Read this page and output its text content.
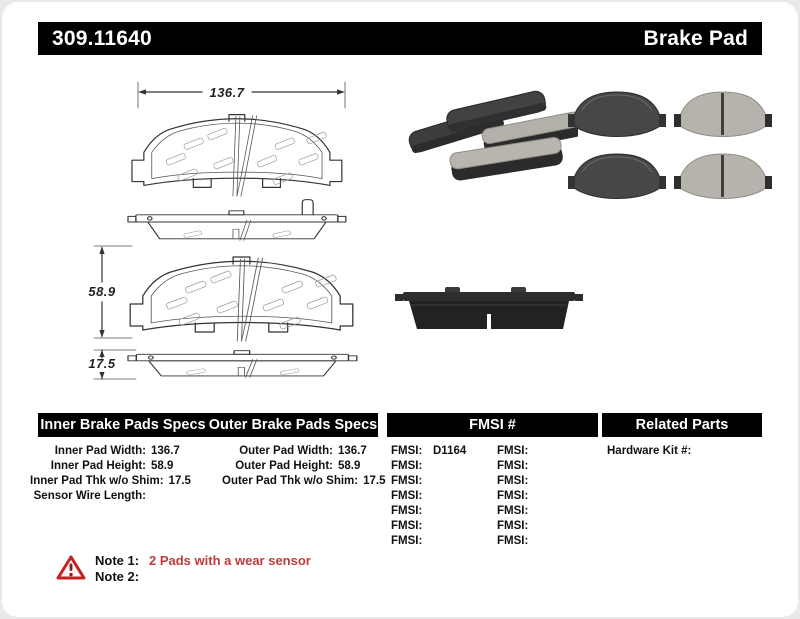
309.11640	Brake Pad
136.7
58.9
17.5
Inner Brake Pads Specs Outer Brake Pads Specs	FMSI #	Related Parts
Inner Pad Width: 136.7
Inner Pad Height: 58.9
Inner Pad Thk w/o Shim: 17.5
Sensor Wire Length:
Outer Pad Width: 136.7
Outer Pad Height: 58.9
Outer Pad Thk w/o Shim: 17.5
FMSI: D1164
FMSI:
FMSI:
FMSI:
FMSI:
FMSI:
FMSI:
FMSI:
FMSI:
FMSI:
FMSI:
FMSI:
FMSI:
FMSI:
Hardware Kit #:
Note 1: 2 Pads with a wear sensor
Note 2:
